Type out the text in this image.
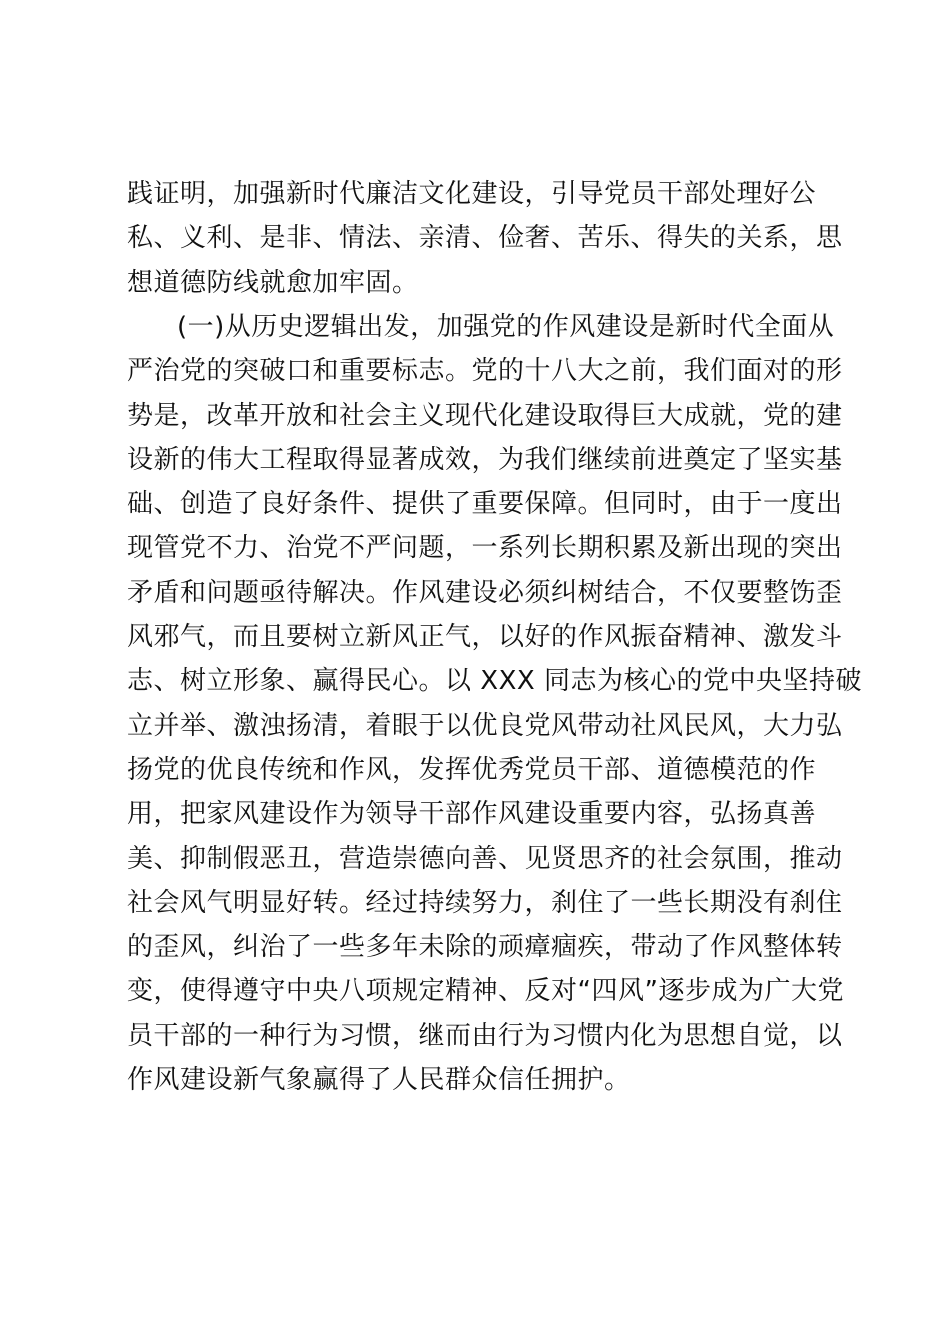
践证明，加强新时代廉洁文化建设，引导党员干部处理好公
私、义利、是非、情法、亲清、俭奢、苦乐、得失的关系，思
想道德防线就愈加牢固。
(一)从历史逻辑出发，加强党的作风建设是新时代全面从
严治党的突破口和重要标志。党的十八大之前，我们面对的形
势是，改革开放和社会主义现代化建设取得巨大成就，党的建
设新的伟大工程取得显著成效，为我们继续前进奠定了坚实基
础、创造了良好条件、提供了重要保障。但同时，由于一度出
现管党不力、治党不严问题，一系列长期积累及新出现的突出
矛盾和问题亟待解决。作风建设必须纠树结合，不仅要整饬歪
风邪气，而且要树立新风正气，以好的作风振奋精神、激发斗
志、树立形象、赢得民心。以 XXX 同志为核心的党中央坚持破
立并举、激浊扬清，着眼于以优良党风带动社风民风，大力弘
扬党的优良传统和作风，发挥优秀党员干部、道德模范的作
用，把家风建设作为领导干部作风建设重要内容，弘扬真善
美、抑制假恶丑，营造崇德向善、见贤思齐的社会氛围，推动
社会风气明显好转。经过持续努力，刹住了一些长期没有刹住
的歪风，纠治了一些多年未除的顽瘴痼疾，带动了作风整体转
变，使得遵守中央八项规定精神、反对“四风”逐步成为广大党
员干部的一种行为习惯，继而由行为习惯内化为思想自觉，以
作风建设新气象赢得了人民群众信任拥护。
